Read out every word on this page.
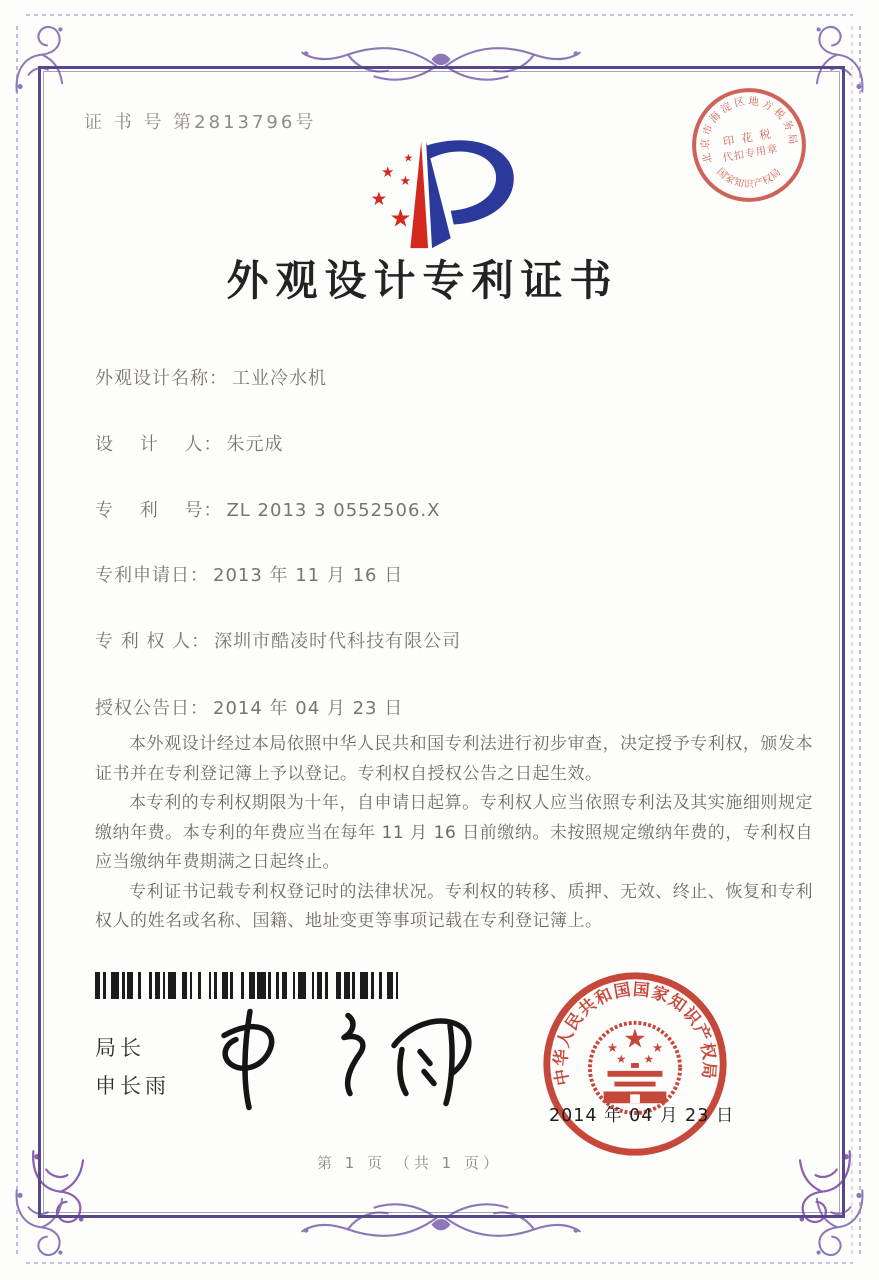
证 书 号 第2813796号
北京市海淀区地方税务局
国家知识产权局
印 花 税
代扣专用章
★
★
★
★
★
外观设计专利证书
外观设计名称： 工业冷水机
设　 计　 人： 朱元成
专　 利　 号： ZL 2013 3 0552506.X
专利申请日： 2013 年 11 月 16 日
专 利 权 人： 深圳市酷凌时代科技有限公司
授权公告日： 2014 年 04 月 23 日

本外观设计经过本局依照中华人民共和国专利法进行初步审查，决定授予专利权，颁发本证书并在专利登记簿上予以登记。专利权自授权公告之日起生效。

本专利的专利权期限为十年，自申请日起算。专利权人应当依照专利法及其实施细则规定缴纳年费。本专利的年费应当在每年 11 月 16 日前缴纳。未按照规定缴纳年费的，专利权自应当缴纳年费期满之日起终止。

专利证书记载专利权登记时的法律状况。专利权的转移、质押、无效、终止、恢复和专利权人的姓名或名称、国籍、地址变更等事项记载在专利登记簿上。

局长
申长雨	中华人民共和国国家知识产权局
★
★	★
★ ★
2014 年 04 月 23 日
第 1 页 （共 1 页）
